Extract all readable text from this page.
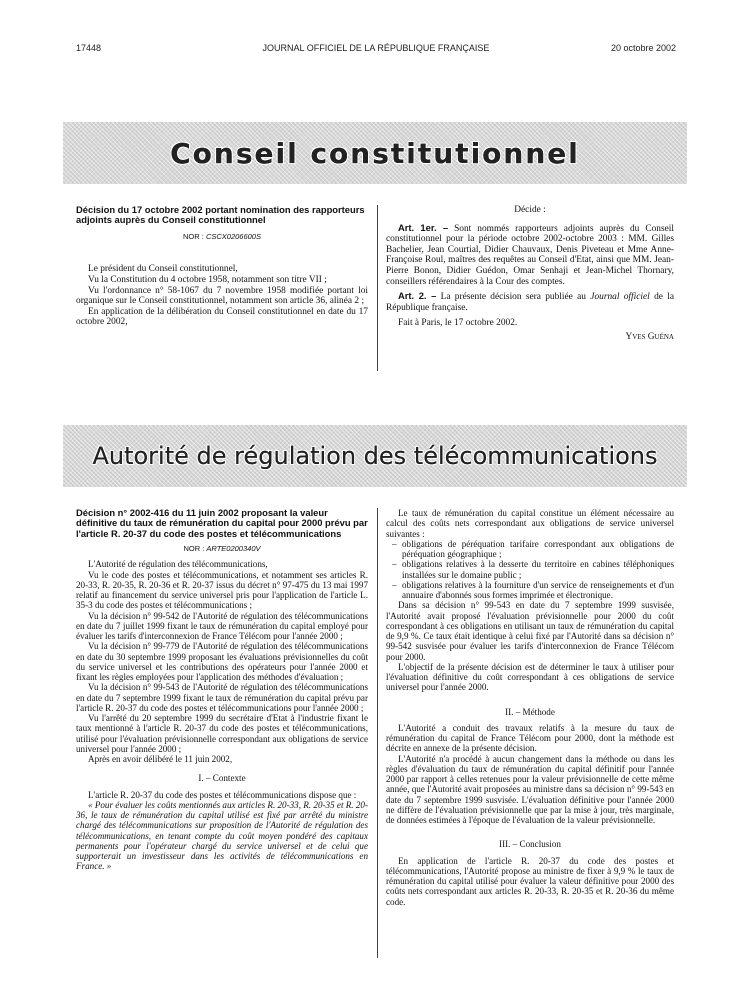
17448	JOURNAL OFFICIEL DE LA RÉPUBLIQUE FRANÇAISE	20 octobre 2002
Conseil constitutionnel
Décision du 17 octobre 2002 portant nomination des rapporteurs adjoints auprès du Conseil constitutionnel
NOR : CSCX0206600S

Le président du Conseil constitutionnel,

Vu la Constitution du 4 octobre 1958, notamment son titre VII ;

Vu l'ordonnance n° 58-1067 du 7 novembre 1958 modifiée portant loi organique sur le Conseil constitutionnel, notamment son article 36, alinéa 2 ;

En application de la délibération du Conseil constitutionnel en date du 17 octobre 2002,

Décide :

Art. 1er. – Sont nommés rapporteurs adjoints auprès du Conseil constitutionnel pour la période octobre 2002-octobre 2003 : MM. Gilles Bachelier, Jean Courtial, Didier Chauvaux, Denis Piveteau et Mme Anne-Françoise Roul, maîtres des requêtes au Conseil d'Etat, ainsi que MM. Jean-Pierre Bonon, Didier Guédon, Omar Senhaji et Jean-Michel Thornary, conseillers référendaires à la Cour des comptes.

Art. 2. – La présente décision sera publiée au Journal officiel de la République française.

Fait à Paris, le 17 octobre 2002.

Yves Guéna

Autorité de régulation des télécommunications
Décision n° 2002-416 du 11 juin 2002 proposant la valeur définitive du taux de rémunération du capital pour 2000 prévu par l'article R. 20-37 du code des postes et télécommunications
NOR : ARTE0200340V

L'Autorité de régulation des télécommunications,

Vu le code des postes et télécommunications, et notamment ses articles R. 20-33, R. 20-35, R. 20-36 et R. 20-37 issus du décret n° 97-475 du 13 mai 1997 relatif au financement du service universel pris pour l'application de l'article L. 35-3 du code des postes et télécommunications ;

Vu la décision n° 99-542 de l'Autorité de régulation des télécommunications en date du 7 juillet 1999 fixant le taux de rémunération du capital employé pour évaluer les tarifs d'interconnexion de France Télécom pour l'année 2000 ;

Vu la décision n° 99-779 de l'Autorité de régulation des télécommunications en date du 30 septembre 1999 proposant les évaluations prévisionnelles du coût du service universel et les contributions des opérateurs pour l'année 2000 et fixant les règles employées pour l'application des méthodes d'évaluation ;

Vu la décision n° 99-543 de l'Autorité de régulation des télécommunications en date du 7 septembre 1999 fixant le taux de rémunération du capital prévu par l'article R. 20-37 du code des postes et télécommunications pour l'année 2000 ;

Vu l'arrêté du 20 septembre 1999 du secrétaire d'Etat à l'industrie fixant le taux mentionné à l'article R. 20-37 du code des postes et télécommunications, utilisé pour l'évaluation prévisionnelle correspondant aux obligations de service universel pour l'année 2000 ;

Après en avoir délibéré le 11 juin 2002,

I. – Contexte

L'article R. 20-37 du code des postes et télécommunications dispose que :

« Pour évaluer les coûts mentionnés aux articles R. 20-33, R. 20-35 et R. 20-36, le taux de rémunération du capital utilisé est fixé par arrêté du ministre chargé des télécommunications sur proposition de l'Autorité de régulation des télécommunications, en tenant compte du coût moyen pondéré des capitaux permanents pour l'opérateur chargé du service universel et de celui que supporterait un investisseur dans les activités de télécommunications en France. »

Le taux de rémunération du capital constitue un élément nécessaire au calcul des coûts nets correspondant aux obligations de service universel suivantes :

– obligations de péréquation tarifaire correspondant aux obligations de péréquation géographique ;
– obligations relatives à la desserte du territoire en cabines téléphoniques installées sur le domaine public ;
– obligations relatives à la fourniture d'un service de renseignements et d'un annuaire d'abonnés sous formes imprimée et électronique.

Dans sa décision n° 99-543 en date du 7 septembre 1999 susvisée, l'Autorité avait proposé l'évaluation prévisionnelle pour 2000 du coût correspondant à ces obligations en utilisant un taux de rémunération du capital de 9,9 %. Ce taux était identique à celui fixé par l'Autorité dans sa décision n° 99-542 susvisée pour évaluer les tarifs d'interconnexion de France Télécom pour 2000.

L'objectif de la présente décision est de déterminer le taux à utiliser pour l'évaluation définitive du coût correspondant à ces obligations de service universel pour l'année 2000.

II. – Méthode

L'Autorité a conduit des travaux relatifs à la mesure du taux de rémunération du capital de France Télécom pour 2000, dont la méthode est décrite en annexe de la présente décision.

L'Autorité n'a procédé à aucun changement dans la méthode ou dans les règles d'évaluation du taux de rémunération du capital définitif pour l'année 2000 par rapport à celles retenues pour la valeur prévisionnelle de cette même année, que l'Autorité avait proposées au ministre dans sa décision n° 99-543 en date du 7 septembre 1999 susvisée. L'évaluation définitive pour l'année 2000 ne diffère de l'évaluation prévisionnelle que par la mise à jour, très marginale, de données estimées à l'époque de l'évaluation de la valeur prévisionnelle.

III. – Conclusion

En application de l'article R. 20-37 du code des postes et télécommunications, l'Autorité propose au ministre de fixer à 9,9 % le taux de rémunération du capital utilisé pour évaluer la valeur définitive pour 2000 des coûts nets correspondant aux articles R. 20-33, R. 20-35 et R. 20-36 du même code.
